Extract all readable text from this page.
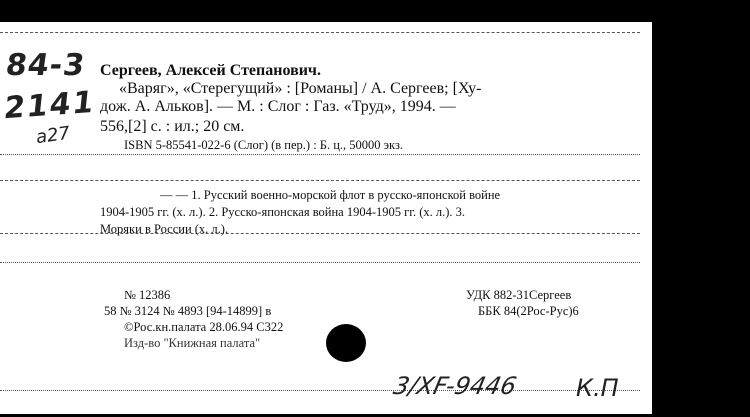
84-3
2141
a27
Сергеев, Алексей Степанович.
«Варяг», «Стерегущий» : [Романы] / А. Сергеев; [Ху-
дож. А. Альков]. — М. : Слог : Газ. «Труд», 1994. —
556,[2] с. : ил.; 20 см.
ISBN 5-85541-022-6 (Слог) (в пер.) : Б. ц., 50000 экз.
— — 1. Русский военно-морской флот в русско-японской войне
1904-1905 гг. (х. л.). 2. Русско-японская война 1904-1905 гг. (х. л.). 3.
Моряки в России (х. л.).
№ 12386
58 № 3124 № 4893 [94-14899] в
©Рос.кн.палата 28.06.94 С322
Изд-во "Книжная палата"
УДК 882-31Сергеев
ББК 84(2Рос-Рус)6
3/XF-9446 К.П
